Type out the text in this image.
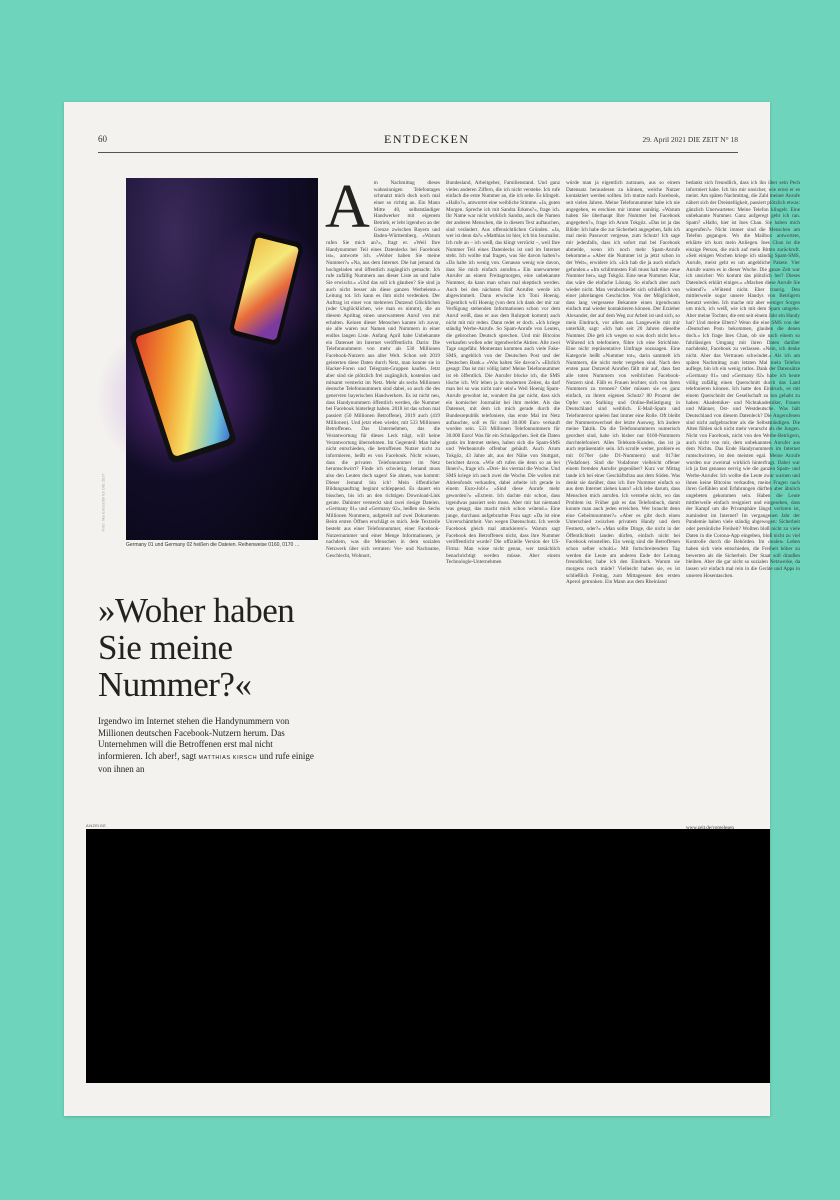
60	ENTDECKEN	29. April 2021 DIE ZEIT N° 18
Foto: Ilka Ernsdottir für DIE ZEIT
Germany 01 und Germany 02 heißen die Dateien. Reihenweise 0160, 0170 …
»Woher haben Sie meine Nummer?«
Irgendwo im Internet stehen die Handynummern von Millionen deutschen Facebook-Nutzern herum. Das Unternehmen will die Betroffenen erst mal nicht informieren. Ich aber!, sagt MATTHIAS KIRSCH und rufe einige von ihnen an
A m Nachmittag dieses wahnsinnigen Telefontages schmatzt mich doch noch mal einer so richtig an. Ein Mann Mitte 40, selbstständiger Handwerker mit eigenem Betrieb, er lebt irgendwo an der Grenze zwischen Bayern und Baden-Württemberg. »Warum rufen Sie mich an?«, fragt er. »Weil Ihre Handynummer Teil eines Datenlecks bei Facebook ist«, antworte ich. »Woher haben Sie meine Nummer?« »Na, aus dem Internet. Die hat jemand da hochgeladen und öffentlich zugänglich gemacht. Ich rufe zufällig Nummern aus dieser Liste an und habe Sie erwischt.« »Und das soll ich glauben? Sie sind ja auch nicht besser als diese ganzen Werbeleute.« Leitung tot. Ich kann es ihm nicht verdenken. Der Auftrag ist einer von mehreren Dutzend Glücklichen (oder Unglücklichen, wie man es nimmt), die an diesem Apriltag einen unerwarteten Anruf von mir erhalten. Keinen dieser Menschen kannte ich zuvor, sie alle waren nur Namen und Nummern in einer endlos langen Liste. Anfang April habe Unbekannte ein Datenset im Internet veröffentlicht. Darin: Die Telefonnummern von mehr als 530 Millionen Facebook-Nutzern aus aller Welt. Schon seit 2019 geisterten diese Daten durch Netz, man konnte sie in Hacker-Foren und Telegram-Gruppen kaufen. Jetzt aber sind sie plötzlich frei zugänglich, kostenlos und mitsamt versteckt im Netz. Mehr als sechs Millionen deutsche Telefonnummern sind dabei, so auch die des genervten bayerischen Handwerkers. Es ist nicht neu, dass Handynummern öffentlich werden, die Nummer bei Facebook hinterlegt haben. 2018 ist das schon mal passiert (50 Millionen Betroffene), 2019 auch (419 Millionen). Und jetzt eben wieder, mit 533 Millionen Betroffenen. Das Unternehmen, das die Verantwortung für dieses Leck trägt, will keine Verantwortung übernehmen. Im Gegenteil: Man habe nicht entschieden, die betroffenen Nutzer nicht zu informieren, heißt es von Facebook. Nicht wissen, dass die privaten Telefonnummer im Netz herumschwirrt? Finde ich schwierig. Jemand muss also den Leuten doch sagen! Sie ahnen, was kommt: Dieser Jemand bin ich! Mein öffentlicher Bildungsauftrag beginnt schleppend. Es dauert ein bisschen, bis ich an den richtigen Download-Link gerate. Dahinter versteckt sind zwei riesige Dateien. »Germany 01« und »Germany 02«, heißen sie. Sechs Millionen Nummern, aufgeteilt auf zwei Dokumente. Beim ersten Öffnen erschlägt es mich. Jede Textzeile besteht aus einer Telefonnummer, einer Facebook-Nutzernummer und einer Menge Informationen, je nachdem, was die Menschen in dem sozialen Netzwerk über sich verraten: Vor- und Nachname, Geschlecht, Wohnort,
Bundesland, Arbeitgeber, Familienstand. Und ganz vielen anderen Ziffern, die ich nicht verstehe. Ich rufe einfach die erste Nummer an, die ich sehe. Es klingelt. »Hallo?«, antwortet eine weibliche Stimme. »Ja, guten Morgen. Spreche ich mit Sandra Erkens?«, frage ich. Ihr Name war nicht wirklich Sandra, auch die Namen der anderen Menschen, die in diesem Text auftauchen, sind verändert. Aus offensichtlichen Gründen. »Ja, wer ist denn da?« »Matthias ist hier, ich bin Journalist. Ich rufe an – ich weiß, das klingt verrückt –, weil Ihre Nummer Teil eines Datenlecks ist und im Internet steht. Ich wollte mal fragen, was Sie davon halten?« »Da halte ich wenig von. Genauso wenig wie davon, dass Sie mich einfach anrufen.« Ein unerwarteter Anrufer an einem Freitagmorgen, eine unbekannte Nummer, da kann man schon mal skeptisch werden. Auch bei den nächsten fünf Anrufen werde ich abgewimmelt. Dann erwische ich Toni Hoenig. Eigentlich will Hoenig (von dem ich dank der mir zur Verfügung stehenden Informationen schon vor dem Anruf weiß, dass er aus dem Ruhrpott kommt) auch nicht mit mir reden. Dann redet er doch. »Ich kriege ständig Werbe-Anrufe. So Spam-Anrufe von Leuten, die gebrochen Deutsch sprechen. Und mir Bitcoins verkaufen wollen oder irgendwelche Aktien. Alle zwei Tage ungefähr. Momentan kommen auch viele Fake-SMS, angeblich von der Deutschen Post und der Deutschen Bank.« »Was halten Sie davon?« »Ehrlich gesagt: Das ist mir völlig latte! Meine Telefonnummer ist eh öffentlich. Die Anrufer blocke ich, die SMS lösche ich. Wir leben ja in modernen Zeiten, da darf man bei so was nicht naiv sein!« Weil Hoenig Spam-Anrufe gewohnt ist, wundert ihn gar nicht, dass sich ein komischer Journalist bei ihm meldet. Als das Datenset, mit dem ich mich gerade durch die Bundesrepublik telefoniere, das erste Mal im Netz auftauchte, soll es für rund 30.000 Euro verkauft worden sein. 533 Millionen Telefonnummern für 30.000 Euro! Was für ein Schnäppchen. Seit die Daten gratis im Internet stehen, haben sich die Spam-SMS und Werbeanrufe offenbar gehäuft. Auch Arum Tokgöz, 43 Jahre alt, aus der Nähe von Stuttgart, berichtet davon. »Wie oft rufen die denn so an bei Ihnen?«, frage ich. »Drei- bis viermal die Woche. Und SMS kriege ich auch zwei die Woche. Die wollen mir Aktienfonds verkaufen, dabei arbeite ich gerade in einem Euro-Job!« »Sind diese Anrufe mehr geworden?« »Extrem. Ich dachte mir schon, dass irgendwas passiert sein muss. Aber mir hat niemand was gesagt, das macht mich schon wütend.« Eine junge, durchaus aufgebrachte Frau sagt: »Da ist eine Unverschämtheit. Von wegen Datenschutz. Ich werde Facebook gleich mal attackieren!« Warum sagt Facebook den Betroffenen nicht, dass ihre Nummer veröffentlicht wurde? Die offizielle Version der US-Firma: Man wisse nicht genau, wer tatsächlich benachrichtigt werden müsse. Aber einem Technologie-Unternehmen
würde man ja eigentlich zutrauen, aus so einem Datensatz herauslesen zu können, welche Nutzer kontaktiert werden sollten. Ich mutze nach Facebook, seit vielen Jahren. Meine Telefonnummer habe ich nie angegeben, es erschien mir immer unnötig. »Warum haben Sie überhaupt Ihre Nummer bei Facebook angegeben?«, frage ich Arum Tokgöz. »Das ist ja das Blöde: Ich habe die zur Sicherheit angegeben, falls ich mal mein Passwort vergesse, zum Schutz! Ich sage mir jedenfalls, dass ich sofort mal bei Facebook abmelde, wenn ich noch mehr Spam-Anrufe bekomme.« »Aber die Nummer ist ja jetzt schon in der Welt«, erwidere ich. »Ich hab die ja auch einfach gefunden.« »Im schlimmsten Fall muss halt eine neue Nummer her«, sagt Tokgöz. Eine neue Nummer. Klar, das wäre die einfache Lösung. So einfach aber auch wieder nicht. Man verabschiedet sich schließlich von einer jahrelangen Geschichte. Von der Möglichkeit, dass lang vergessene Bekannte einen irgendwann einfach mal wieder kontaktieren können. Der Erzieher Alexander, der auf dem Weg zur Arbeit ist und sich, so mein Eindruck, vor allem aus Langeweile mit mir unterhält, sagt: »Ich hab seit 20 Jahren dieselbe Nummer. Die geb ich wegen so was doch nicht her.« Während ich telefoniere, führe ich eine Strichliste. Eine nicht repräsentative Umfrage sozusagen. Eine Kategorie heißt »Nummer tot«, darin sammelt ich Nummern, die nicht mehr vergeben sind. Nach den ersten paar Dutzend Anrufen fällt mir auf, dass fast alle toten Nummern von weiblichen Facebook-Nutzern sind. Fällt es Frauen leichter, sich von ihren Nummern zu trennen? Oder müssen sie es ganz einfach, zu ihrem eigenen Schutz? 80 Prozent der Opfer von Stalking und Online-Belästigung in Deutschland sind weiblich. E-Mail-Spam und Telefonterror spielen fast immer eine Rolle. Oft bleibt der Nummernwechsel der letzte Ausweg. Ich ändere meine Taktik. Da die Telefonnummern numerisch geordnet sind, habe ich bisher nur 0160-Nummern durchtelefoniert. Alles Telekom-Kunden, das ist ja auch repräsentativ sein. Ich scrolle weiter, probiere es mit 0170er (alte D1-Nummern) und 0174er (Vodafone). Sind die Vodafoner vielleicht offener einem fremden Anrufer gegenüber? Kurz vor Mittag lande ich bei einer Geschäftsfrau aus dem Süden. Was denkt sie darüber, dass ich ihre Nummer einfach so aus dem Internet ziehen kann? »Ich lebe darum, dass Menschen mich anrufen. Ich verstehe nicht, wo das Problem ist. Früher gab es das Telefonbuch, damit konnte man auch jeden erreichen. Wer braucht denn eine Geheimnummer?« »Aber es gibt doch einen Unterschied zwischen privatem Handy und dem Festnetz, oder?« »Man sollte Dinge, die nicht in der Öffentlichkeit landen dürfen, einfach nicht bei Facebook reinstellen. Ein wenig sind die Betroffenen schon selber schuld.« Mit fortschreitendem Tag werden die Leute am anderen Ende der Leitung freundlicher, habe ich den Eindruck. Warum sie morgens noch müde? Vielleicht haben sie, es ist schließlich Freitag, zum Mittagessen den ersten Aperol getrunken. Ein Mann aus dem Rheinland
bedankt sich freundlich, dass ich ihn über sein Pech informiert habe. Ich bin mir unsicher, wie ernst er es meint. Am späten Nachmittag, die Zahl meiner Anrufe nähert sich der Dreistelligkeit, passiert plötzlich etwas: gänzlich Unerwartetes: Meine Telefon klingelt. Eine unbekannte Nummer. Ganz aufgeregt geht ich ran. Spam? »Hallo, hier ist Ines Chan. Sie haben mich angerufen?« Nicht immer sind die Menschen am Telefon gegangen. Wo die Mailbox antwortete, erklärte ich kurz mein Anliegen. Ines Chan ist die einzige Person, die mich auf mein Bitten zurückruft. »Seit einigen Wochen kriege ich ständig Spam-SMS, Anrufe, meist geht es um angebliche Pakete. Vier Anrufe waren es in dieser Woche. Die ganze Zeit war ich unsicher: Wo kommt das plötzlich her? Dieses Datenleck erklärt einiges.« »Machen diese Anrufe Sie wütend?« »Wütend nicht. Eher traurig. Den mittlerweile sogar unsere Handys von Betrügern benutzt werden. Ich mache mir aber weniger Sorgen um mich, ich weiß, wie ich mit dem Spam umgehe. Aber meine Tochter, die erst seit einem Jahr ein Handy hat? Und meine Eltern? Wenn die eine SMS von der ›Deutschen Post‹ bekommen, glauben die denen doch.« Ich frage Ines Chan, ob sie nach einem so fahrlässigen Umgang mit ihren Daten darüber nachdenkt, Facebook zu verlassen. »Nein, ich denke nicht. Aber das Vertrauen schwindet.« Als ich am späten Nachmittag zum letzten Mal mein Telefon auflege, bin ich ein wenig ratlos. Dank der Datensätze »Germany 01« und »Germany 02« habe ich heute völlig zufällig einen Querschnitt durch das Land telefonieren können. Ich hatte den Eindruck, es mit einem Querschnitt der Gesellschaft zu tun gehabt zu haben: Akademiker- und Nichtakademiker, Frauen und Männer, Ost- und Westdeutsche. Was hält Deutschland von diesem Datenleck? Die Angerufenen sind nicht aufgebrachter als die Selbstständigen. Die Alten fühlen sich nicht mehr verarscht als die Jungen. Nicht von Facebook, nicht von den Werbe-Betrügern, auch nicht von mir, dem unbekannten Anrufer aus dem Nichts. Das Ende Handynummern im Internet rumschwirren, ist den meisten egal. Meine Anrufe wurden nur zweimal wirklich hinterfragt. Dabei war ich ja fast genauso nervig wie die ganzen Spam- und Werbe-Anrufer. Ich wollte die Leute zwar warnen und ihnen keine Bitcoins verkaufen, meine Fragen nach ihren Gefühlen und Erfahrungen dürften aber ähnlich ungebeten gekommen sein. Haben die Leute mittlerweile einfach resigniert und eingesehen, dass der Kampf um die Privatsphäre längst verloren ist, zumindest im Internet? Im vergangenen Jahr der Pandemie haben viele ständig abgewogen: Sicherheit oder persönliche Freiheit? Wollten bloß nicht zu viele Daten in die Corona-App eingeben, bloß nicht zu viel Kontrolle durch die Behörden. Im ›realen‹ Leben haben sich viele entschieden, die Freiheit höher zu bewerten als die Sicherheit. Der Staat soll draußen bleiben. Aber die gar nicht so sozialen Netzwerke, da lassen wir einfach mal rein in die Geräte und Apps in unseren Hosentaschen.
ANZEIGE
